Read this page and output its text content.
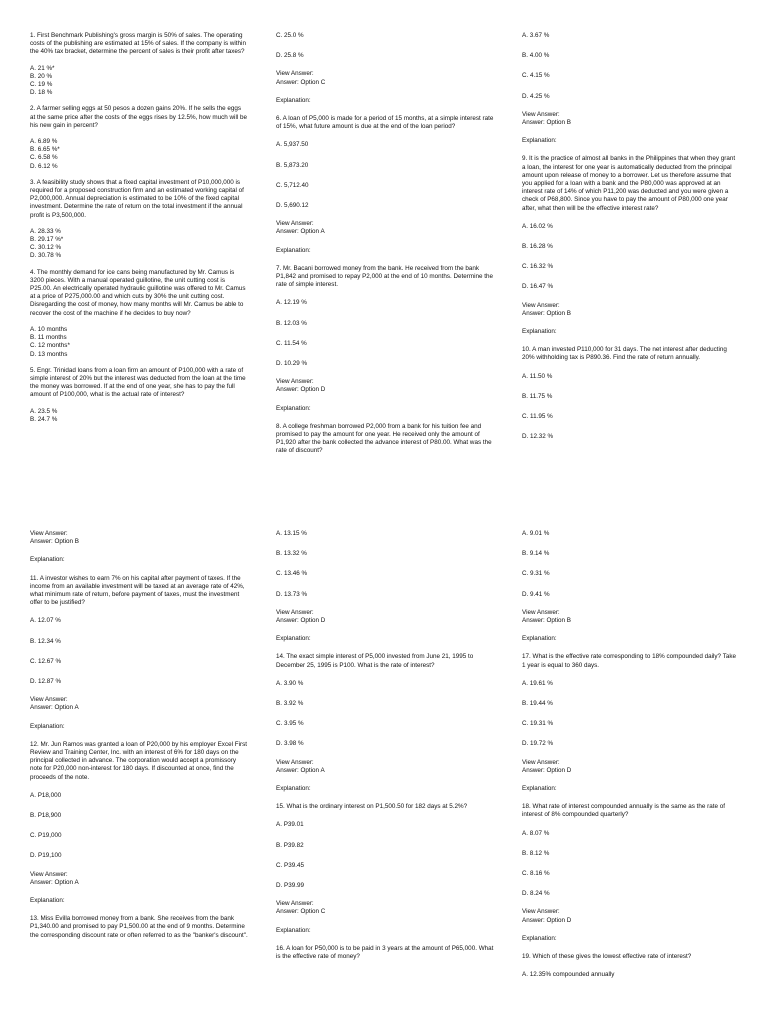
1. First Benchmark Publishing's gross margin is 50% of sales. The operating costs of the publishing are estimated at 15% of sales. If the company is within the 40% tax bracket, determine the percent of sales is their profit after taxes?
A. 21 %*
B. 20 %
C. 19 %
D. 18 %
2. A farmer selling eggs at 50 pesos a dozen gains 20%. If he sells the eggs at the same price after the costs of the eggs rises by 12.5%, how much will be his new gain in percent?
A. 6.89 %
B. 6.65 %*
C. 6.58 %
D. 6.12 %
3. A feasibility study shows that a fixed capital investment of P10,000,000 is required for a proposed construction firm and an estimated working capital of P2,000,000. Annual depreciation is estimated to be 10% of the fixed capital investment. Determine the rate of return on the total investment if the annual profit is P3,500,000.
A. 28.33 %
B. 29.17 %*
C. 30.12 %
D. 30.78 %
4. The monthly demand for ice cans being manufactured by Mr. Camus is 3200 pieces. With a manual operated guillotine, the unit cutting cost is P25.00. An electrically operated hydraulic guillotine was offered to Mr. Camus at a price of P275,000.00 and which cuts by 30% the unit cutting cost. Disregarding the cost of money, how many months will Mr. Camus be able to recover the cost of the machine if he decides to buy now?
A. 10 months
B. 11 months
C. 12 months*
D. 13 months
5. Engr. Trinidad loans from a loan firm an amount of P100,000 with a rate of simple interest of 20% but the interest was deducted from the loan at the time the money was borrowed. If at the end of one year, she has to pay the full amount of P100,000, what is the actual rate of interest?
A. 23.5 %
B. 24.7 %
C. 25.0 %
D. 25.8 %
View Answer:
Answer: Option C
Explanation:
6. A loan of P5,000 is made for a period of 15 months, at a simple interest rate of 15%, what future amount is due at the end of the loan period?
A. 5,937.50
B. 5,873.20
C. 5,712.40
D. 5,690.12
View Answer:
Answer: Option A
Explanation:
7. Mr. Bacani borrowed money from the bank. He received from the bank P1,842 and promised to repay P2,000 at the end of 10 months. Determine the rate of simple interest.
A. 12.19 %
B. 12.03 %
C. 11.54 %
D. 10.29 %
View Answer:
Answer: Option D
Explanation:
8. A college freshman borrowed P2,000 from a bank for his tuition fee and promised to pay the amount for one year. He received only the amount of P1,920 after the bank collected the advance interest of P80.00. What was the rate of discount?
A. 3.67 %
B. 4.00 %
C. 4.15 %
D. 4.25 %
View Answer:
Answer: Option B
Explanation:
9. It is the practice of almost all banks in the Philippines that when they grant a loan, the interest for one year is automatically deducted from the principal amount upon release of money to a borrower. Let us therefore assume that you applied for a loan with a bank and the P80,000 was approved at an interest rate of 14% of which P11,200 was deducted and you were given a check of P68,800. Since you have to pay the amount of P80,000 one year after, what then will be the effective interest rate?
A. 16.02 %
B. 16.28 %
C. 16.32 %
D. 16.47 %
View Answer:
Answer: Option B
Explanation:
10. A man invested P110,000 for 31 days. The net interest after deducting 20% withholding tax is P890.36. Find the rate of return annually.
A. 11.50 %
B. 11.75 %
C. 11.95 %
D. 12.32 %
View Answer:
Answer: Option B
Explanation:
11. A investor wishes to earn 7% on his capital after payment of taxes. If the income from an available investment will be taxed at an average rate of 42%, what minimum rate of return, before payment of taxes, must the investment offer to be justified?
A. 12.07 %
B. 12.34 %
C. 12.67 %
D. 12.87 %
View Answer:
Answer: Option A
Explanation:
12. Mr. Jun Ramos was granted a loan of P20,000 by his employer Excel First Review and Training Center, Inc. with an interest of 6% for 180 days on the principal collected in advance. The corporation would accept a promissory note for P20,000 non-interest for 180 days. If discounted at once, find the proceeds of the note.
A. P18,000
B. P18,900
C. P19,000
D. P19,100
View Answer:
Answer: Option A
Explanation:
13. Miss Evilla borrowed money from a bank. She receives from the bank P1,340.00 and promised to pay P1,500.00 at the end of 9 months. Determine the corresponding discount rate or often referred to as the "banker's discount".
A. 13.15 %
B. 13.32 %
C. 13.46 %
D. 13.73 %
View Answer:
Answer: Option D
Explanation:
14. The exact simple interest of P5,000 invested from June 21, 1995 to December 25, 1995 is P100. What is the rate of interest?
A. 3.90 %
B. 3.92 %
C. 3.95 %
D. 3.98 %
View Answer:
Answer: Option A
Explanation:
15. What is the ordinary interest on P1,500.50 for 182 days at 5.2%?
A. P39.01
B. P39.82
C. P39.45
D. P39.99
View Answer:
Answer: Option C
Explanation:
16. A loan for P50,000 is to be paid in 3 years at the amount of P65,000. What is the effective rate of money?
A. 9.01 %
B. 9.14 %
C. 9.31 %
D. 9.41 %
View Answer:
Answer: Option B
Explanation:
17. What is the effective rate corresponding to 18% compounded daily? Take 1 year is equal to 360 days.
A. 19.61 %
B. 19.44 %
C. 19.31 %
D. 19.72 %
View Answer:
Answer: Option D
Explanation:
18. What rate of interest compounded annually is the same as the rate of interest of 8% compounded quarterly?
A. 8.07 %
B. 8.12 %
C. 8.16 %
D. 8.24 %
View Answer:
Answer: Option D
Explanation:
19. Which of these gives the lowest effective rate of interest?
A. 12.35% compounded annually
